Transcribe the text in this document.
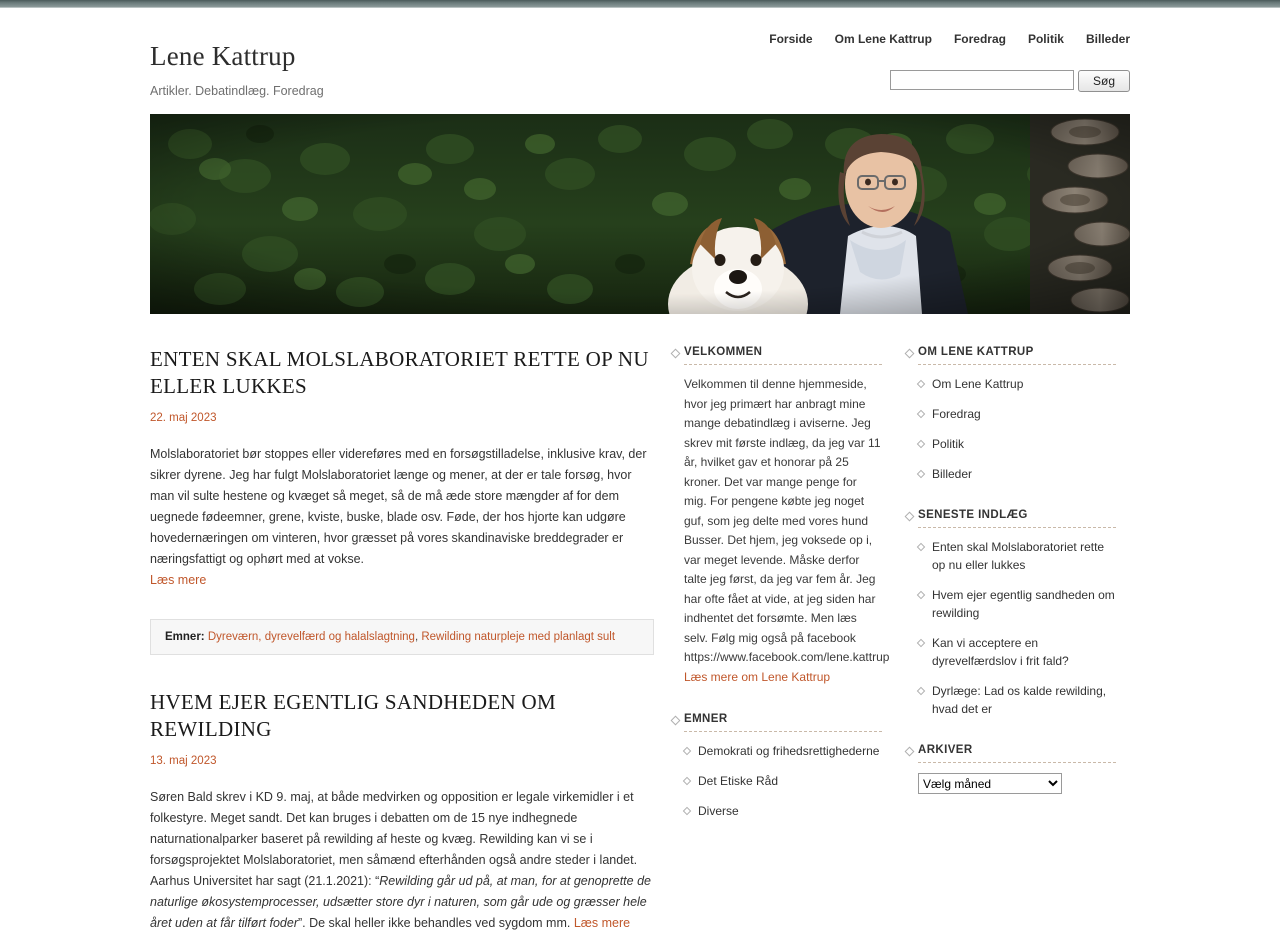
Forside Om Lene Kattrup Foredrag Politik Billeder
Lene Kattrup
Artikler. Debatindlæg. Foredrag
Søg
ENTEN SKAL MOLSLABORATORIET RETTE OP NU ELLER LUKKES
22. maj 2023
Molslaboratoriet bør stoppes eller videreføres med en forsøgstilladelse, inklusive krav, der sikrer dyrene. Jeg har fulgt Molslaboratoriet længe og mener, at der er tale forsøg, hvor man vil sulte hestene og kvæget så meget, så de må æde store mængder af for dem uegnede fødeemner, grene, kviste, buske, blade osv. Føde, der hos hjorte kan udgøre hovedernæringen om vinteren, hvor græsset på vores skandinaviske breddegrader er næringsfattigt og ophørt med at vokse.
Læs mere
Emner: Dyreværn, dyrevelfærd og halalslagtning, Rewilding naturpleje med planlagt sult
HVEM EJER EGENTLIG SANDHEDEN OM REWILDING
13. maj 2023
Søren Bald skrev i KD 9. maj, at både medvirken og opposition er legale virkemidler i et folkestyre. Meget sandt. Det kan bruges i debatten om de 15 nye indhegnede naturnationalparker baseret på rewilding af heste og kvæg. Rewilding kan vi se i forsøgsprojektet Molslaboratoriet, men såmænd efterhånden også andre steder i landet. Aarhus Universitet har sagt (21.1.2021): “Rewilding går ud på, at man, for at genoprette de naturlige økosystemprocesser, udsætter store dyr i naturen, som går ude og græsser hele året uden at får tilført foder”. De skal heller ikke behandles ved sygdom mm. Læs mere
VELKOMMEN
Velkommen til denne hjemmeside, hvor jeg primært har anbragt mine mange debatindlæg i aviserne. Jeg skrev mit første indlæg, da jeg var 11 år, hvilket gav et honorar på 25 kroner. Det var mange penge for mig. For pengene købte jeg noget guf, som jeg delte med vores hund Busser. Det hjem, jeg voksede op i, var meget levende. Måske derfor talte jeg først, da jeg var fem år. Jeg har ofte fået at vide, at jeg siden har indhentet det forsømte. Men læs selv. Følg mig også på facebook https://www.facebook.com/lene.kattrup Læs mere om Lene Kattrup
EMNER
Demokrati og frihedsrettighederne
Det Etiske Råd
Diverse
OM LENE KATTRUP
Om Lene Kattrup
Foredrag
Politik
Billeder
SENESTE INDLÆG
Enten skal Molslaboratoriet rette op nu eller lukkes
Hvem ejer egentlig sandheden om rewilding
Kan vi acceptere en dyrevelfærdslov i frit fald?
Dyrlæge: Lad os kalde rewilding, hvad det er
ARKIVER
Vælg måned
